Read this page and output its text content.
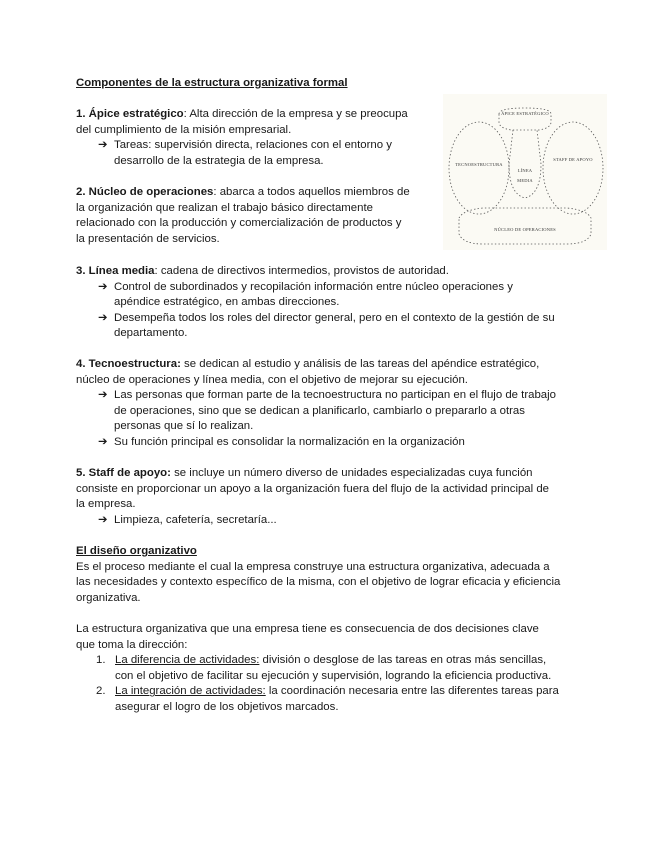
Componentes de la estructura organizativa formal

1. Ápice estratégico: Alta dirección de la empresa y se preocupa

del cumplimiento de la misión empresarial.

➔ Tareas: supervisión directa, relaciones con el entorno y

desarrollo de la estrategia de la empresa.

2. Núcleo de operaciones: abarca a todos aquellos miembros de

la organización que realizan el trabajo básico directamente

relacionado con la producción y comercialización de productos y

la presentación de servicios.

ÁPICE ESTRATÉGICO
TECNOESTRUCTURA
STAFF DE APOYO
LÍNEA
MEDIA
NÚCLEO DE OPERACIONES

3. Línea media: cadena de directivos intermedios, provistos de autoridad.

➔ Control de subordinados y recopilación información entre núcleo operaciones y

apéndice estratégico, en ambas direcciones.

➔ Desempeña todos los roles del director general, pero en el contexto de la gestión de su

departamento.

4. Tecnoestructura: se dedican al estudio y análisis de las tareas del apéndice estratégico,

núcleo de operaciones y línea media, con el objetivo de mejorar su ejecución.

➔ Las personas que forman parte de la tecnoestructura no participan en el flujo de trabajo

de operaciones, sino que se dedican a planificarlo, cambiarlo o prepararlo a otras

personas que sí lo realizan.

➔ Su función principal es consolidar la normalización en la organización

5. Staff de apoyo: se incluye un número diverso de unidades especializadas cuya función

consiste en proporcionar un apoyo a la organización fuera del flujo de la actividad principal de

la empresa.

➔ Limpieza, cafetería, secretaría...

El diseño organizativo

Es el proceso mediante el cual la empresa construye una estructura organizativa, adecuada a

las necesidades y contexto específico de la misma, con el objetivo de lograr eficacia y eficiencia

organizativa.

La estructura organizativa que una empresa tiene es consecuencia de dos decisiones clave

que toma la dirección:

1. La diferencia de actividades: división o desglose de las tareas en otras más sencillas,

con el objetivo de facilitar su ejecución y supervisión, logrando la eficiencia productiva.

2. La integración de actividades: la coordinación necesaria entre las diferentes tareas para

asegurar el logro de los objetivos marcados.
